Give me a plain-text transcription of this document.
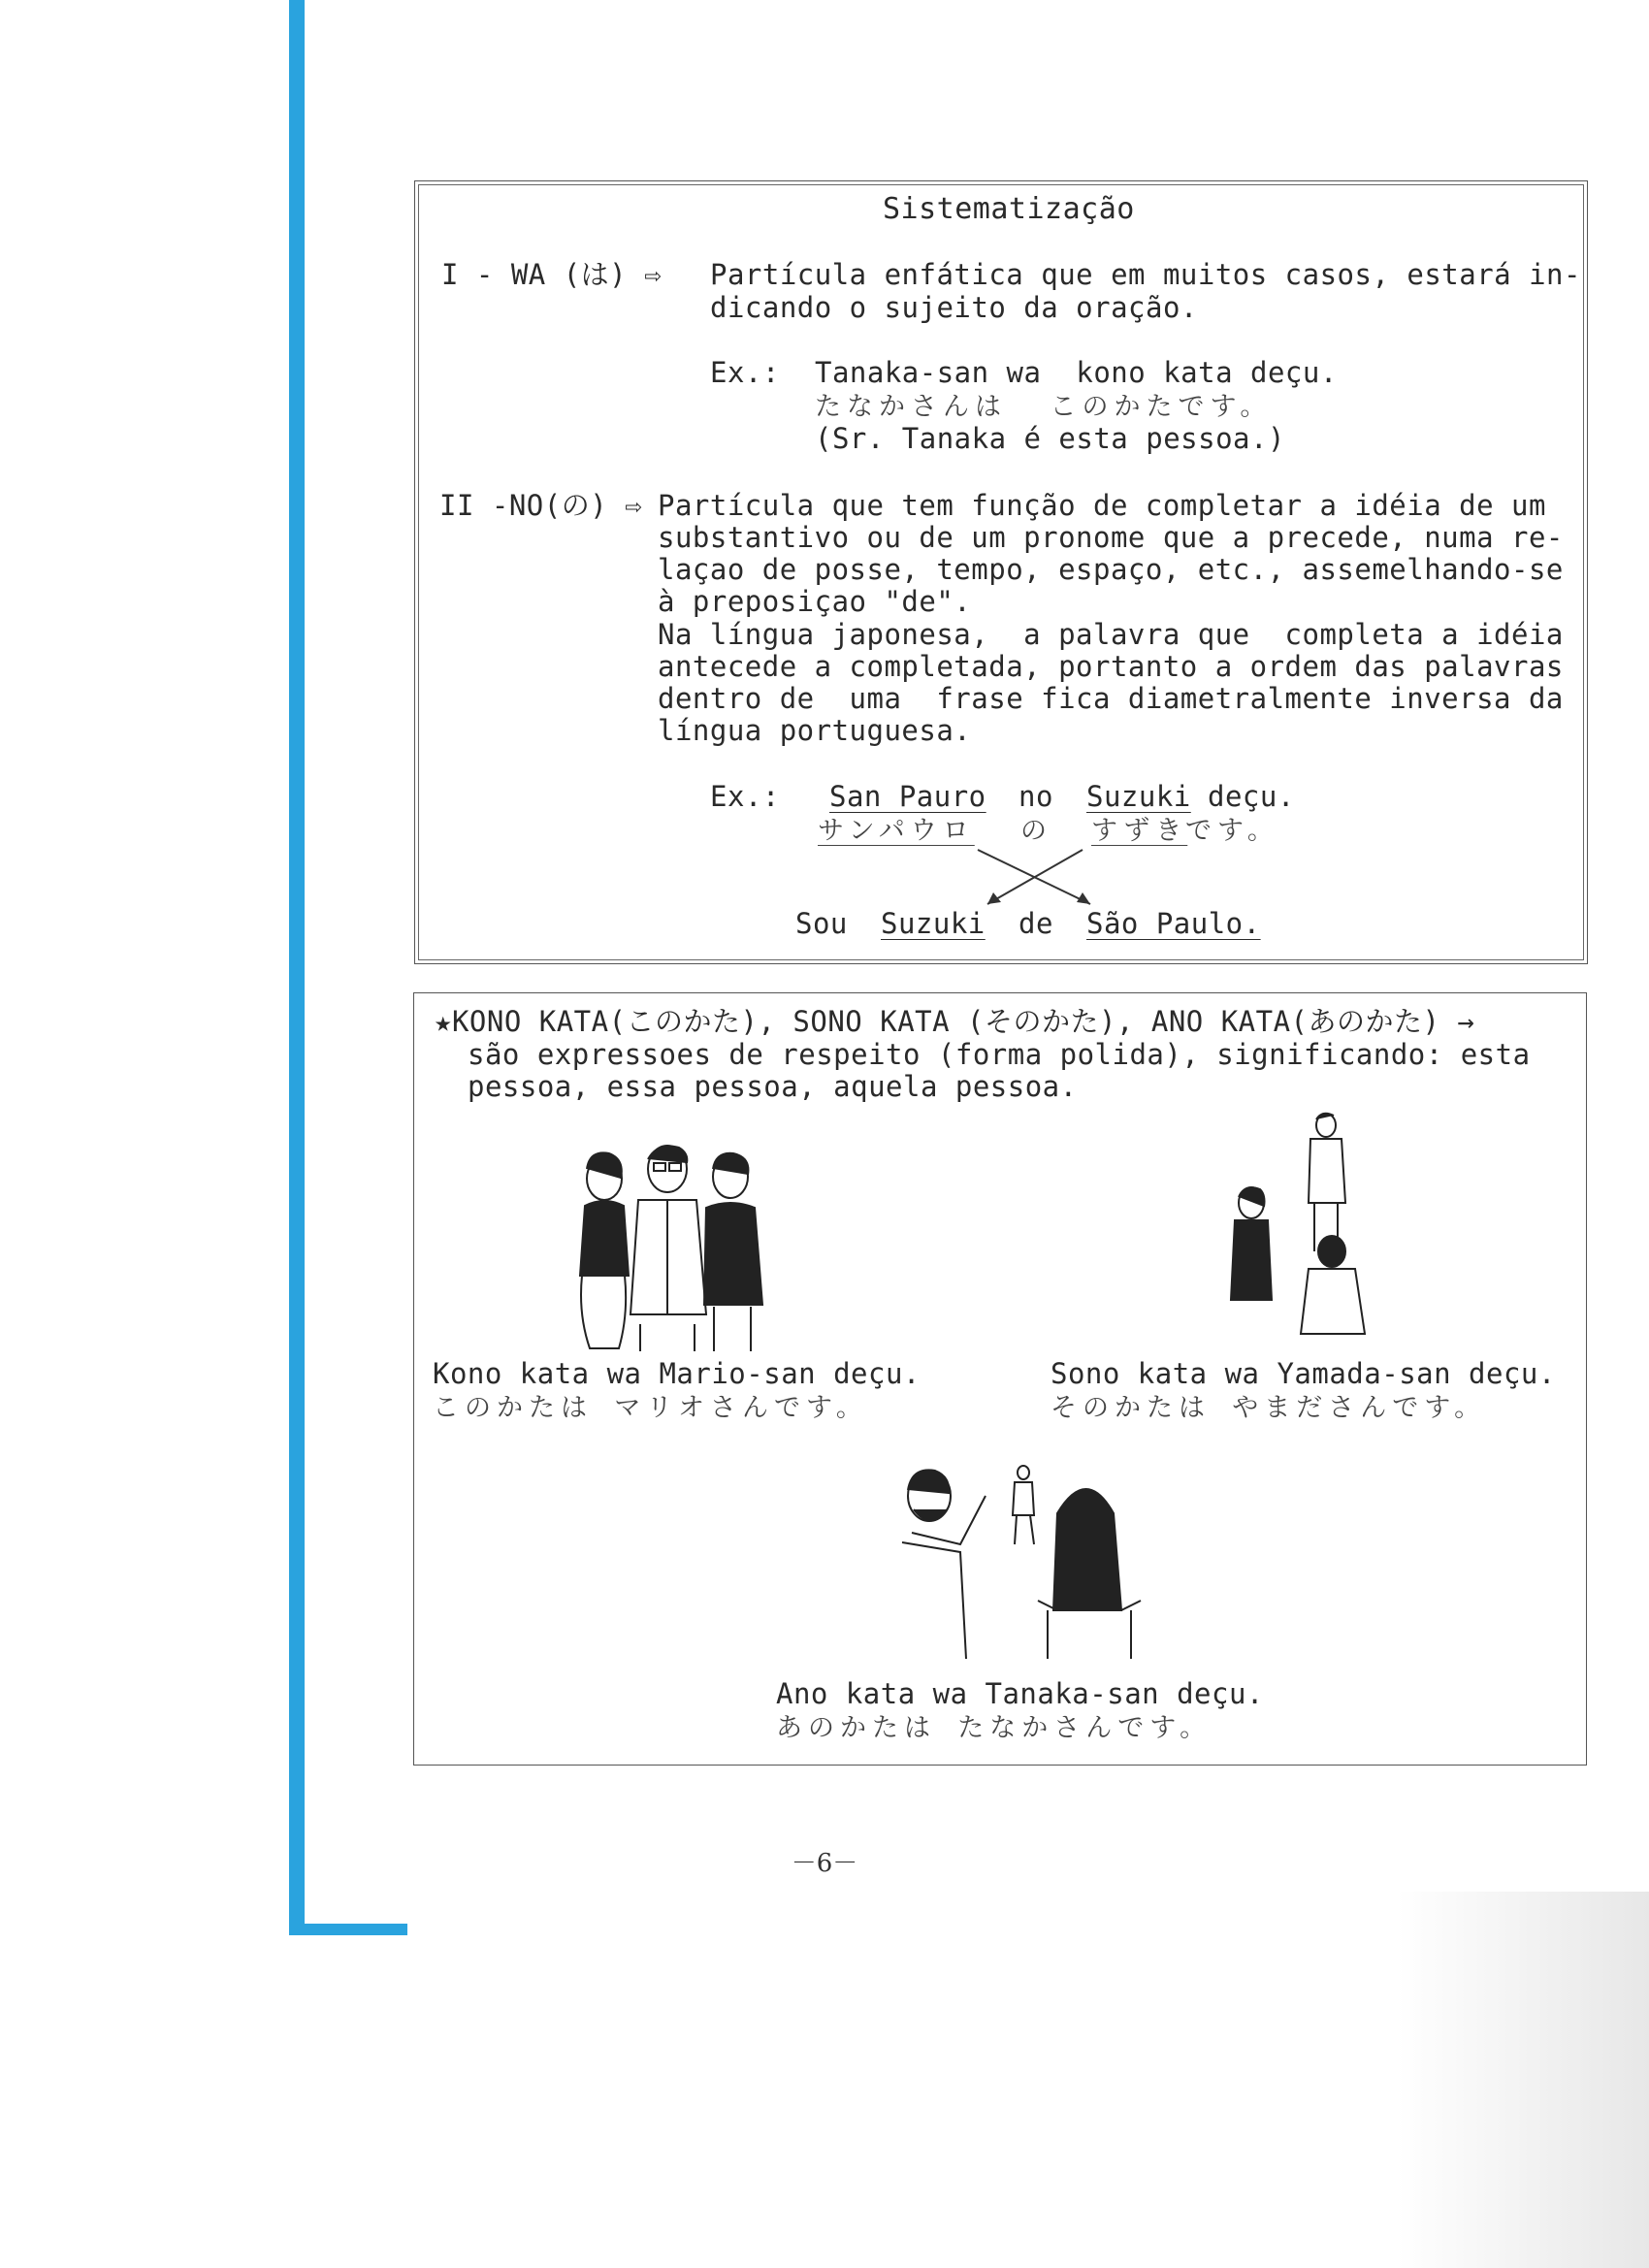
Sistematização
I - WA (は) ⇨ Partícula enfática que em muitos casos, estará in-
dicando o sujeito da oração.
Ex.: Tanaka-san wa  kono kata deçu.
たなかさんは  このかたです。
(Sr. Tanaka é esta pessoa.)
II -NO(の) ⇨ Partícula que tem função de completar a idéia de um
substantivo ou de um pronome que a precede, numa re-
laçao de posse, tempo, espaço, etc., assemelhando-se
à preposiçao "de".
Na língua japonesa,  a palavra que  completa a idéia
antecede a completada, portanto a ordem das palavras
dentro de  uma  frase fica diametralmente inversa da
língua portuguesa.
Ex.: San Pauro no Suzuki deçu.
サンパウロ の すずき
です。
Sou Suzuki de São Paulo.
★KONO KATA(このかた), SONO KATA (そのかた), ANO KATA(あのかた) →
são expressoes de respeito (forma polida), significando: esta
pessoa, essa pessoa, aquela pessoa.
Kono kata wa Mario-san deçu.
このかたは マリオさんです。
Sono kata wa Yamada-san deçu.
そのかたは やまださんです。
Ano kata wa Tanaka-san deçu.
あのかたは たなかさんです。
－6－
